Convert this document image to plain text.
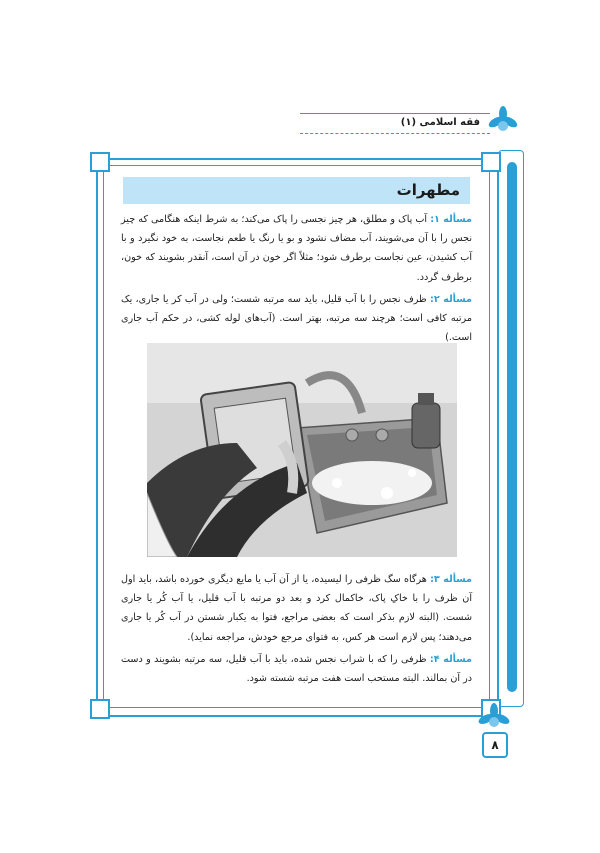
فقه اسلامی (۱)
مطهرات
مسأله ۱: آب پاک و مطلق، هر چیز نجسی را پاک می‌کند؛ به شرط اینکه هنگامی که چیز نجس را با آن می‌شویند، آب مضاف نشود و بو یا رنگ یا طعم نجاست، به خود نگیرد و با آب کشیدن، عین نجاست برطرف شود؛ مثلاً اگر خون در آن است، آنقدر بشویند که خون، برطرف گردد.
مسأله ۲: ظرف نجس را با آب قلیل، باید سه مرتبه شست؛ ولی در آب کر یا جاری، یک مرتبه کافی است؛ هرچند سه مرتبه، بهتر است. (آب‌های لوله کشی، در حکم آب جاری است.)
مسأله ۳: هرگاه سگ ظرفی را لیسیده، یا از آن آب یا مایع دیگری خورده باشد، باید اول آن ظرف را با خاکِ پاک، خاکمال کرد و بعد دو مرتبه با آب قلیل، یا آب کُر یا جاری شست. (البته لازم بذکر است که بعضی مراجع، فتوا به یکبار شستن در آب کُر یا جاری می‌دهند؛ پس لازم است هر کس، به فتوای مرجع خودش، مراجعه نماید).
مسأله ۴: ظرفی را که با شراب نجس شده، باید با آب قلیل، سه مرتبه بشویند و دست در آن بمالند. البته مستحب است هفت مرتبه شسته شود.
۸
